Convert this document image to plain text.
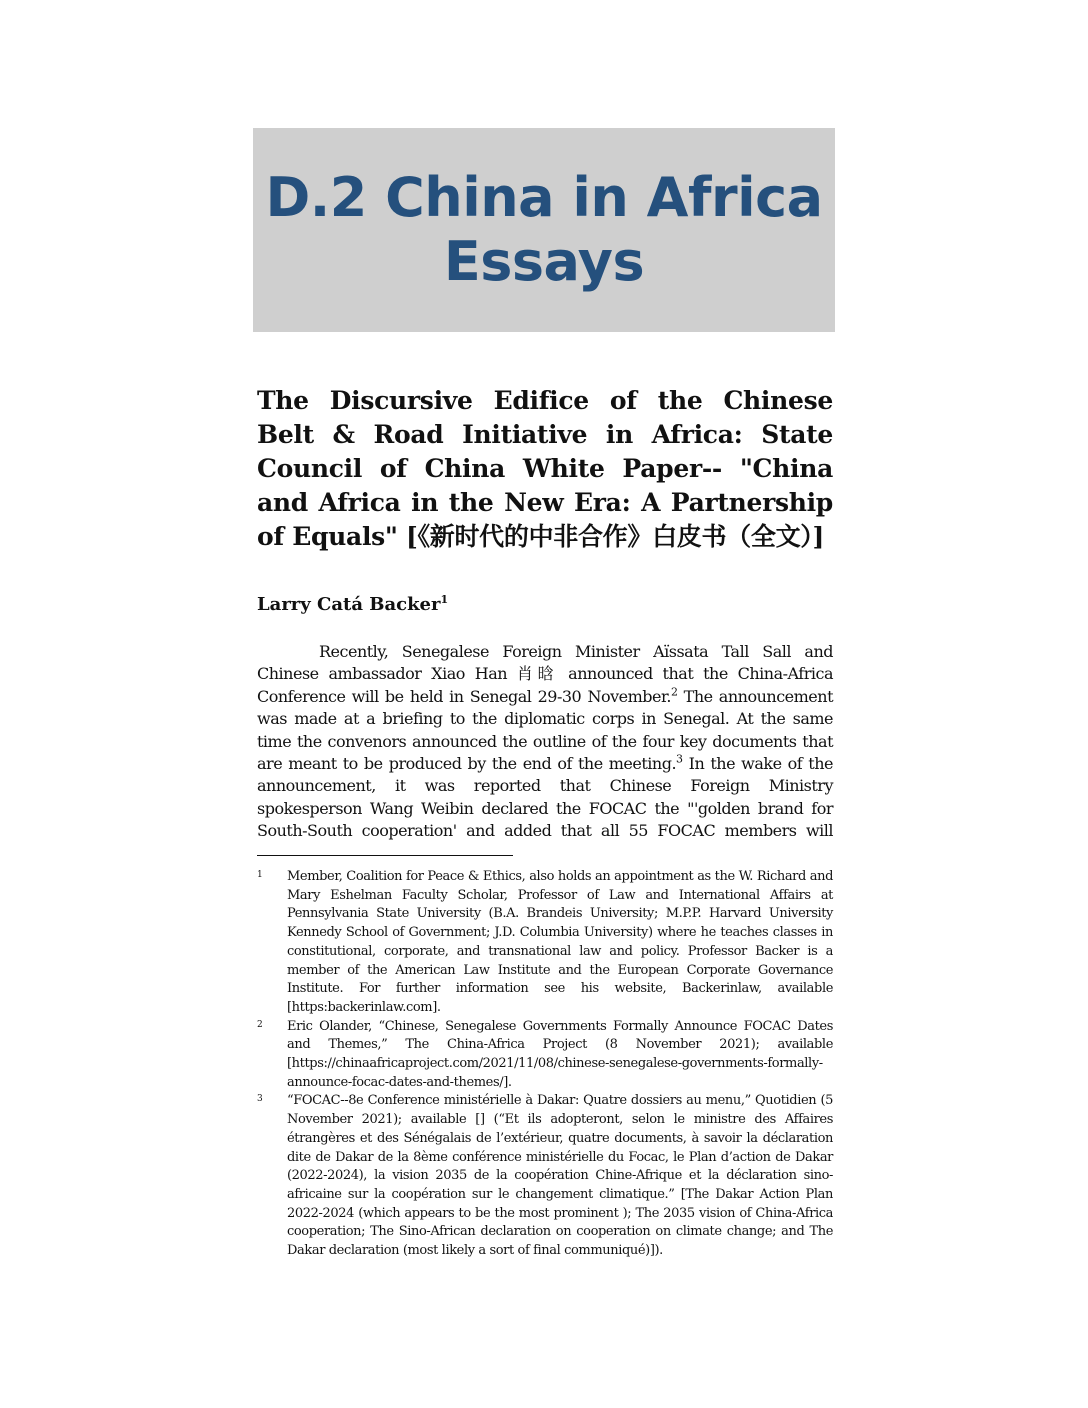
D.2 China in Africa
Essays
The Discursive Edifice of the Chinese Belt & Road Initiative in Africa: State Council of China White Paper-- "China and Africa in the New Era: A Partnership of Equals" [《新时代的中非合作》白皮书（全文）]
Larry Catá Backer$^1$

Recently, Senegalese Foreign Minister Aïssata Tall Sall and Chinese ambassador Xiao Han 肖晗 announced that the China-Africa Conference will be held in Senegal 29-30 November.$^2$ The announcement was made at a briefing to the diplomatic corps in Senegal. At the same time the convenors announced the outline of the four key documents that are meant to be produced by the end of the meeting.$^3$ In the wake of the announcement, it was reported that Chinese Foreign Ministry spokesperson Wang Weibin declared the FOCAC the "'golden brand for South-South cooperation' and added that all 55 FOCAC members will

1 Member, Coalition for Peace & Ethics, also holds an appointment as the W. Richard and Mary Eshelman Faculty Scholar, Professor of Law and International Affairs at Pennsylvania State University (B.A. Brandeis University; M.P.P. Harvard University Kennedy School of Government; J.D. Columbia University) where he teaches classes in constitutional, corporate, and transnational law and policy. Professor Backer is a member of the American Law Institute and the European Corporate Governance Institute. For further information see his website, Backerinlaw, available [https:backerinlaw.com].

2 Eric Olander, “Chinese, Senegalese Governments Formally Announce FOCAC Dates and Themes,” The China-Africa Project (8 November 2021); available [https://chinaafricaproject.com/2021/11/08/chinese-senegalese-governments-formally-announce-focac-dates-and-themes/].

3 “FOCAC--8e Conference ministérielle à Dakar: Quatre dossiers au menu,” Quotidien (5 November 2021); available [] (“Et ils adopteront, selon le ministre des Affaires étrangères et des Sénégalais de l’extérieur, quatre documents, à savoir la déclaration dite de Dakar de la 8ème conférence ministérielle du Focac, le Plan d’action de Dakar (2022-2024), la vision 2035 de la coopération Chine-Afrique et la déclaration sino-africaine sur la coopération sur le changement climatique.” [The Dakar Action Plan 2022-2024 (which appears to be the most prominent ); The 2035 vision of China-Africa cooperation; The Sino-African declaration on cooperation on climate change; and The Dakar declaration (most likely a sort of final communiqué)]).
